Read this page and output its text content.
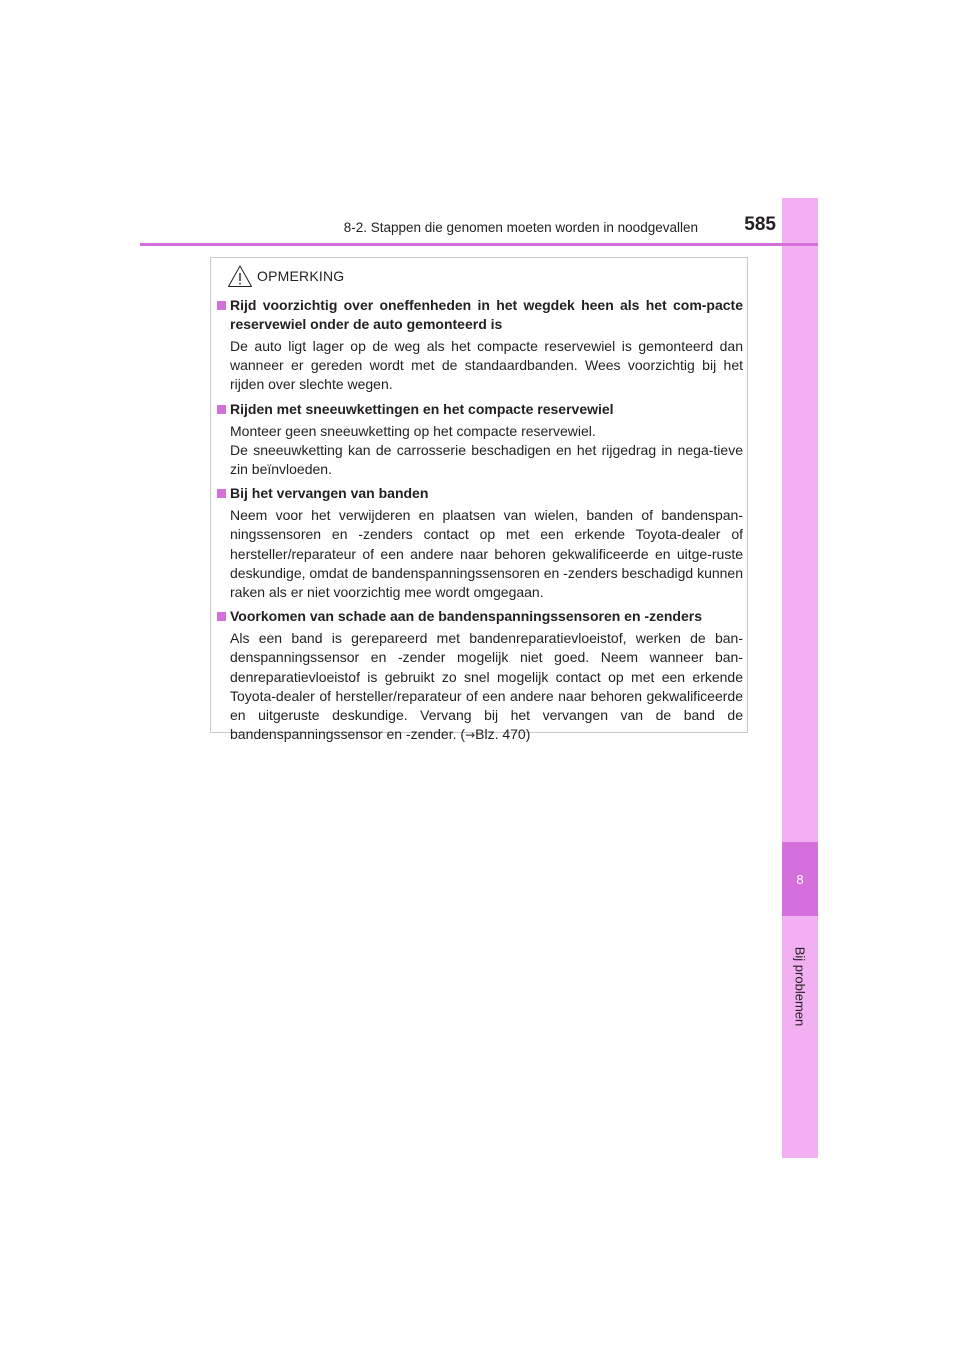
8
Bij problemen
8-2. Stappen die genomen moeten worden in noodgevallen	585
OPMERKING
Rijd voorzichtig over oneffenheden in het wegdek heen als het com-pacte reservewiel onder de auto gemonteerd is

De auto ligt lager op de weg als het compacte reservewiel is gemonteerd dan wanneer er gereden wordt met de standaardbanden. Wees voorzichtig bij het rijden over slechte wegen.

Rijden met sneeuwkettingen en het compacte reservewiel

Monteer geen sneeuwketting op het compacte reservewiel.

De sneeuwketting kan de carrosserie beschadigen en het rijgedrag in nega-tieve zin beïnvloeden.

Bij het vervangen van banden

Neem voor het verwijderen en plaatsen van wielen, banden of bandenspan-ningssensoren en -zenders contact op met een erkende Toyota-dealer of hersteller/reparateur of een andere naar behoren gekwalificeerde en uitge-ruste deskundige, omdat de bandenspanningssensoren en -zenders beschadigd kunnen raken als er niet voorzichtig mee wordt omgegaan.

Voorkomen van schade aan de bandenspanningssensoren en -zenders

Als een band is gerepareerd met bandenreparatievloeistof, werken de ban-denspanningssensor en -zender mogelijk niet goed. Neem wanneer ban-denreparatievloeistof is gebruikt zo snel mogelijk contact op met een erkende Toyota-dealer of hersteller/reparateur of een andere naar behoren gekwalificeerde en uitgeruste deskundige. Vervang bij het vervangen van de band de bandenspanningssensor en -zender. (→Blz. 470)
